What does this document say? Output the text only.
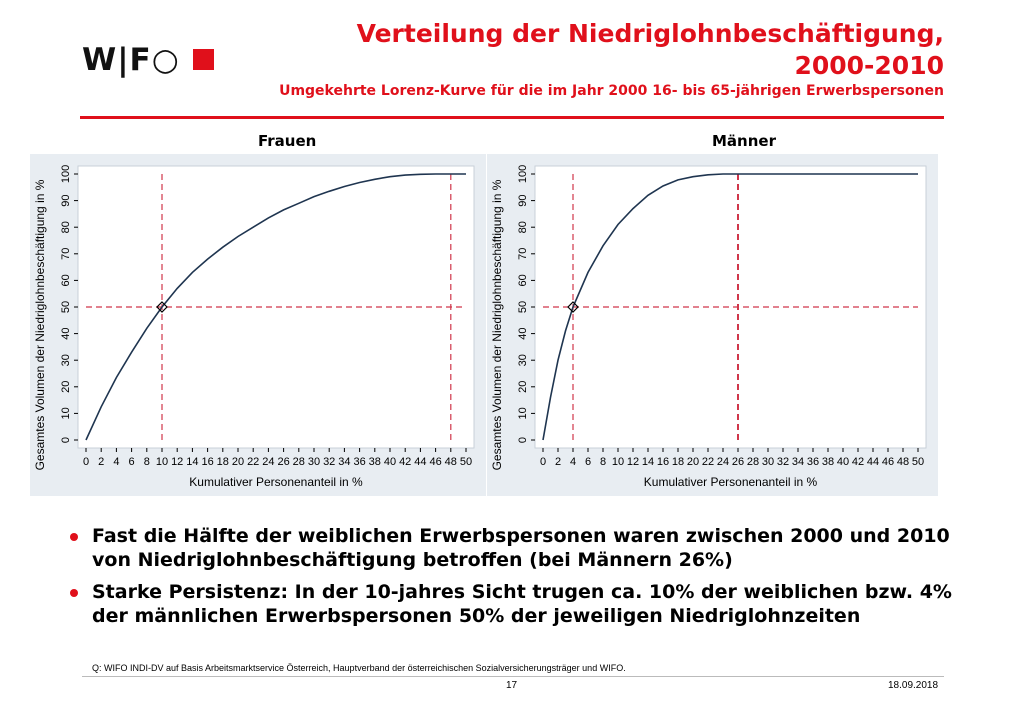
W|F○
Verteilung der Niedriglohnbeschäftigung,
2000-2010
Umgekehrte Lorenz-Kurve für die im Jahr 2000 16- bis 65-jährigen Erwerbspersonen
Frauen	Männer
0
10
20
30
40
50
60
70
80
90
100
0 2 4 6 8 10 12 14 16 18 20 22 24 26 28 30 32 34 36 38 40 42 44 46 48 50
Kumulativer Personenanteil in %
Gesamtes Volumen der Niedriglohnbeschäftigung in %	0
10
20
30
40
50
60
70
80
90
100
0 2 4 6 8 10 12 14 16 18 20 22 24 26 28 30 32 34 36 38 40 42 44 46 48 50
Kumulativer Personenanteil in %
Gesamtes Volumen der Niedriglohnbeschäftigung in %
Fast die Hälfte der weiblichen Erwerbspersonen waren zwischen 2000 und 2010 von Niedriglohnbeschäftigung betroffen (bei Männern 26%)
Starke Persistenz: In der 10-jahres Sicht trugen ca. 10% der weiblichen bzw. 4% der männlichen Erwerbspersonen 50% der jeweiligen Niedriglohnzeiten
Q: WIFO INDI-DV auf Basis Arbeitsmarktservice Österreich, Hauptverband der österreichischen Sozialversicherungsträger und WIFO.
17	18.09.2018
